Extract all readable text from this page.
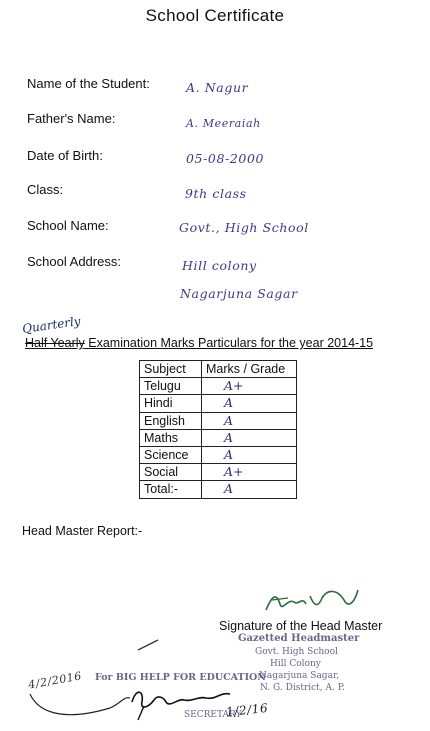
School Certificate
Name of the Student:	A. Nagur
Father's Name:	A. Meeraiah
Date of Birth:	05-08-2000
Class:	9th class
School Name:	Govt., High School
School Address:	Hill colony
Nagarjuna Sagar
Quarterly
Half Yearly Examination Marks Particulars for the year 2014-15
Subject	Marks / Grade
Telugu	A+
Hindi	A
English	A
Maths	A
Science	A
Social	A+
Total:-	A
Head Master Report:-
Signature of the Head Master
Gazetted Headmaster
Govt. High School
Hill Colony
Nagarjuna Sagar,
N. G. District, A. P.
For BIG HELP FOR EDUCATION
SECRETARY
4/2/2016
1/2/16
